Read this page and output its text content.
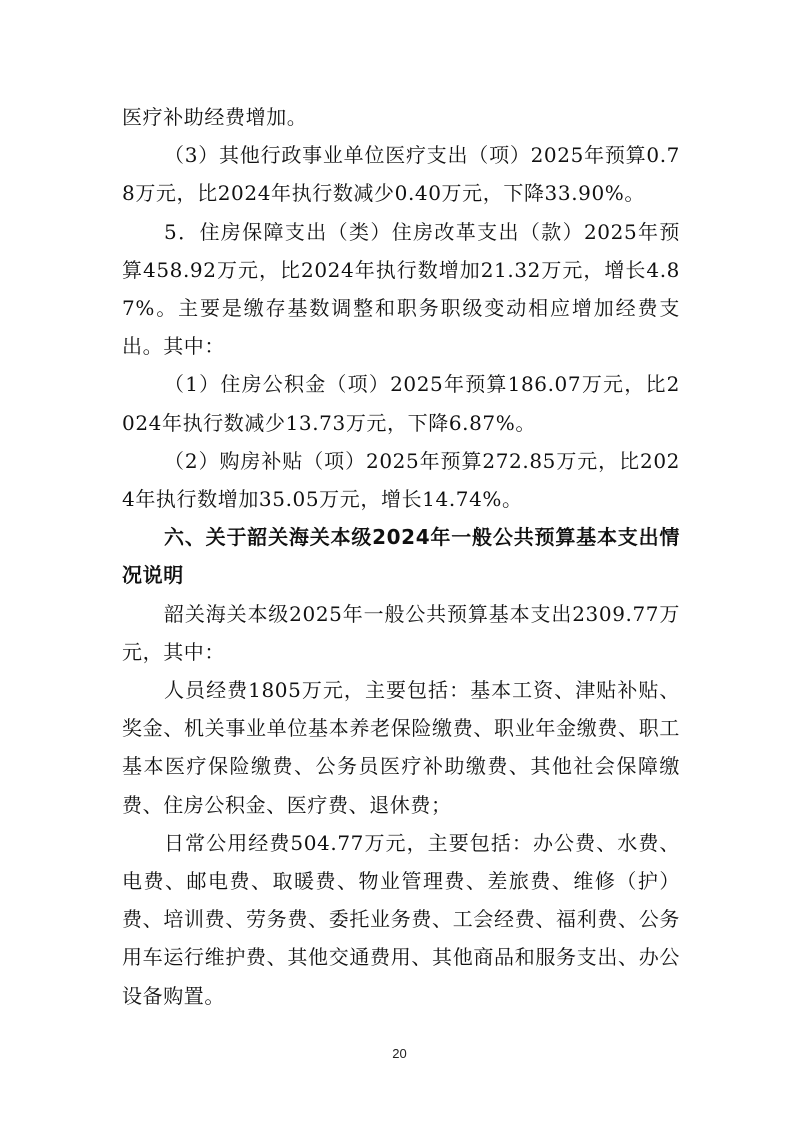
医疗补助经费增加。

（3）其他行政事业单位医疗支出（项）2025年预算0.78万元，比2024年执行数减少0.40万元，下降33.90%。

5．住房保障支出（类）住房改革支出（款）2025年预算458.92万元，比2024年执行数增加21.32万元，增长4.87%。主要是缴存基数调整和职务职级变动相应增加经费支出。其中：

（1）住房公积金（项）2025年预算186.07万元，比2024年执行数减少13.73万元，下降6.87%。

（2）购房补贴（项）2025年预算272.85万元，比2024年执行数增加35.05万元，增长14.74%。

六、关于韶关海关本级2024年一般公共预算基本支出情况说明

韶关海关本级2025年一般公共预算基本支出2309.77万元，其中：

人员经费1805万元，主要包括：基本工资、津贴补贴、奖金、机关事业单位基本养老保险缴费、职业年金缴费、职工基本医疗保险缴费、公务员医疗补助缴费、其他社会保障缴费、住房公积金、医疗费、退休费；

日常公用经费504.77万元，主要包括：办公费、水费、电费、邮电费、取暖费、物业管理费、差旅费、维修（护）费、培训费、劳务费、委托业务费、工会经费、福利费、公务用车运行维护费、其他交通费用、其他商品和服务支出、办公设备购置。

20
